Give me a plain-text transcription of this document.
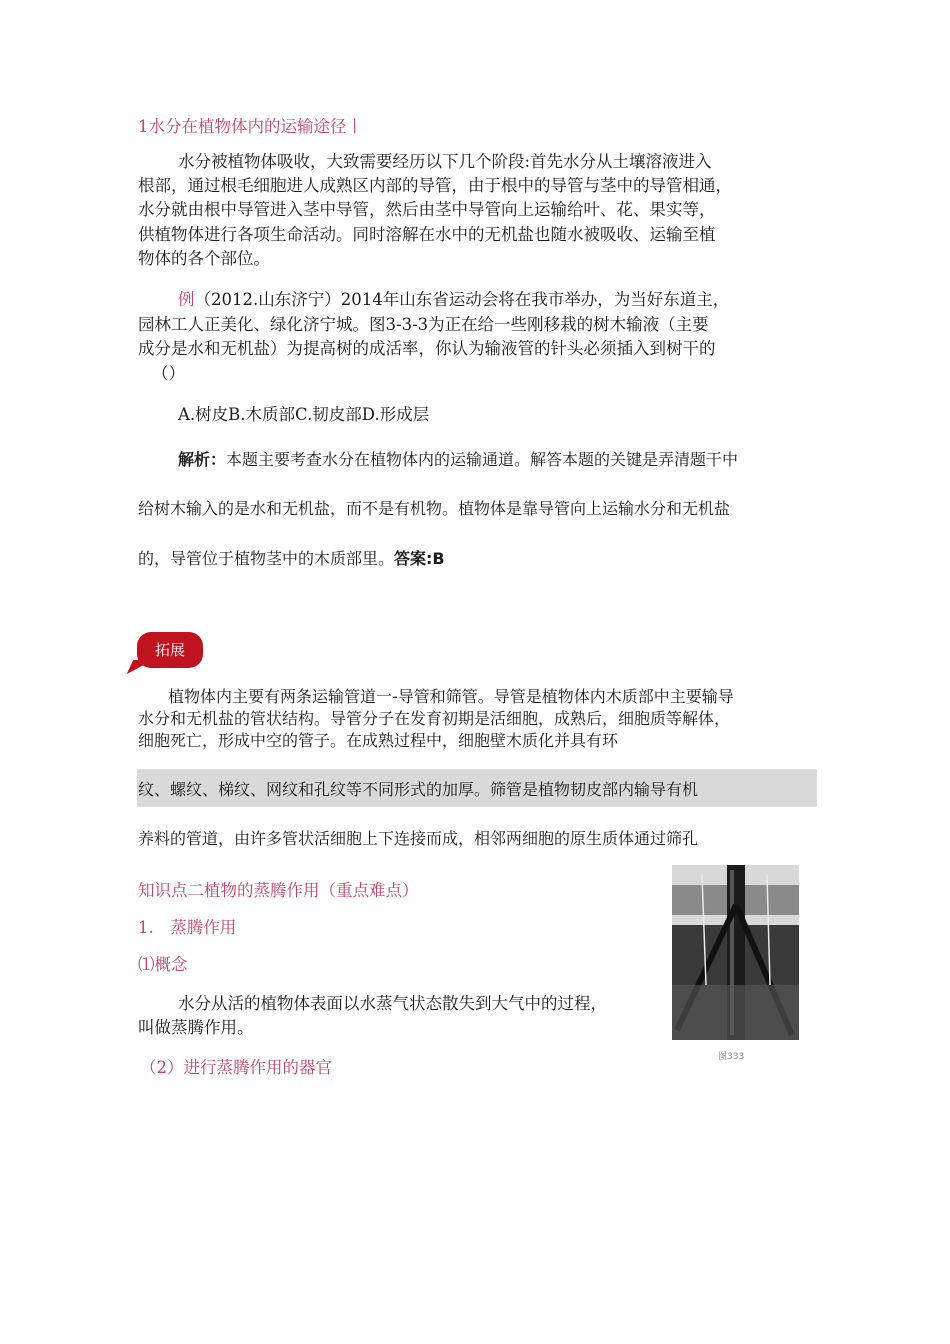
1水分在植物体内的运输途径丨
水分被植物体吸收，大致需要经历以下几个阶段:首先水分从土壤溶液进入
根部，通过根毛细胞进人成熟区内部的导管，由于根中的导管与茎中的导管相通，
水分就由根中导管进入茎中导管，然后由茎中导管向上运输给叶、花、果实等，
供植物体进行各项生命活动。同时溶解在水中的无机盐也随水被吸收、运输至植
物体的各个部位。
例（2012.山东济宁）2014年山东省运动会将在我市举办，为当好东道主，
园林工人正美化、绿化济宁城。图3-3-3为正在给一些刚移栽的树木输液（主要
成分是水和无机盐）为提高树的成活率，你认为输液管的针头必须插入到树干的
（）
A.树皮B.木质部C.韧皮部D.形成层
解析：本题主要考查水分在植物体内的运输通道。解答本题的关键是弄清题干中
给树木输入的是水和无机盐，而不是有机物。植物体是靠导管向上运输水分和无机盐
的，导管位于植物茎中的木质部里。答案:B
拓展
植物体内主要有两条运输管道一-导管和筛管。导管是植物体内木质部中主要输导
水分和无机盐的管状结构。导管分子在发育初期是活细胞，成熟后，细胞质等解体，
细胞死亡，形成中空的管子。在成熟过程中，细胞壁木质化并具有环
纹、螺纹、梯纹、网纹和孔纹等不同形式的加厚。筛管是植物韧皮部内输导有机
养料的管道，由许多管状活细胞上下连接而成，相邻两细胞的原生质体通过筛孔
知识点二植物的蒸腾作用（重点难点）
1.　蒸腾作用
⑴概念
水分从活的植物体表面以水蒸气状态散失到大气中的过程，
叫做蒸腾作用。
（2）进行蒸腾作用的器官
图333
